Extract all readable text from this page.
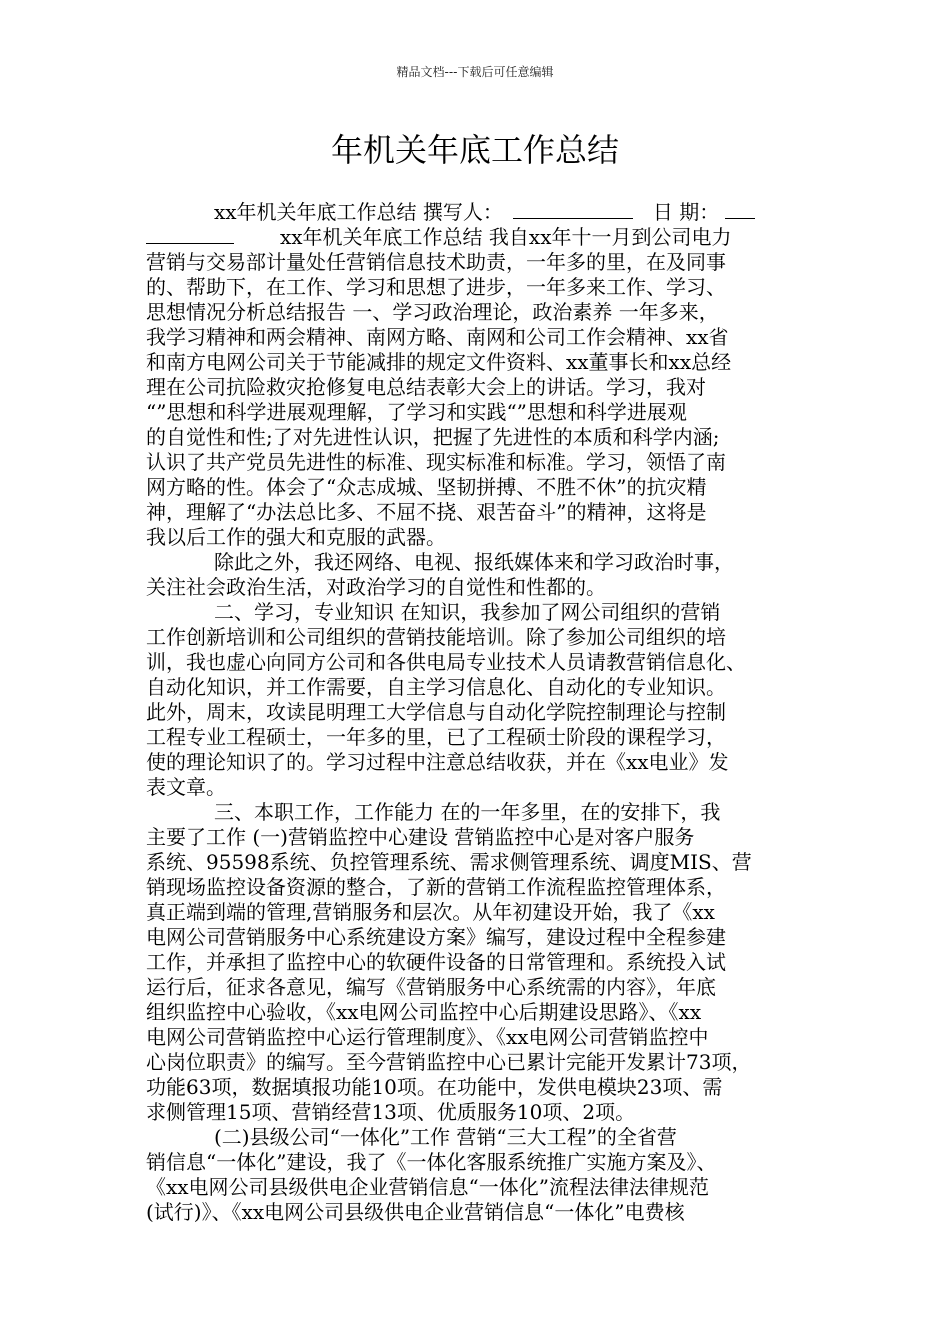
精品文档---下载后可任意编辑
年机关年底工作总结
xx年机关年底工作总结 撰写人：	日 期：
xx年机关年底工作总结 我自xx年十一月到公司电力
营销与交易部计量处任营销信息技术助责，一年多的里，在及同事
的、帮助下，在工作、学习和思想了进步，一年多来工作、学习、
思想情况分析总结报告 一、学习政治理论，政治素养 一年多来，
我学习精神和两会精神、南网方略、南网和公司工作会精神、xx省
和南方电网公司关于节能减排的规定文件资料、xx董事长和xx总经
理在公司抗险救灾抢修复电总结表彰大会上的讲话。学习，我对
“”思想和科学进展观理解，了学习和实践“”思想和科学进展观
的自觉性和性;了对先进性认识，把握了先进性的本质和科学内涵;
认识了共产党员先进性的标准、现实标准和标准。学习，领悟了南
网方略的性。体会了“众志成城、坚韧拼搏、不胜不休”的抗灾精
神，理解了“办法总比多、不屈不挠、艰苦奋斗”的精神，这将是
我以后工作的强大和克服的武器。
除此之外，我还网络、电视、报纸媒体来和学习政治时事，
关注社会政治生活，对政治学习的自觉性和性都的。
二、学习，专业知识 在知识，我参加了网公司组织的营销
工作创新培训和公司组织的营销技能培训。除了参加公司组织的培
训，我也虚心向同方公司和各供电局专业技术人员请教营销信息化、
自动化知识，并工作需要，自主学习信息化、自动化的专业知识。
此外，周末，攻读昆明理工大学信息与自动化学院控制理论与控制
工程专业工程硕士，一年多的里，已了工程硕士阶段的课程学习，
使的理论知识了的。学习过程中注意总结收获，并在《xx电业》发
表文章。
三、本职工作，工作能力 在的一年多里，在的安排下，我
主要了工作 (一)营销监控中心建设 营销监控中心是对客户服务
系统、95598系统、负控管理系统、需求侧管理系统、调度MIS、营
销现场监控设备资源的整合，了新的营销工作流程监控管理体系，
真正端到端的管理,营销服务和层次。从年初建设开始，我了《xx
电网公司营销服务中心系统建设方案》编写，建设过程中全程参建
工作，并承担了监控中心的软硬件设备的日常管理和。系统投入试
运行后，征求各意见，编写《营销服务中心系统需的内容》，年底
组织监控中心验收，《xx电网公司监控中心后期建设思路》、《xx
电网公司营销监控中心运行管理制度》、《xx电网公司营销监控中
心岗位职责》的编写。至今营销监控中心已累计完能开发累计73项，
功能63项，数据填报功能10项。在功能中，发供电模块23项、需
求侧管理15项、营销经营13项、优质服务10项、2项。
(二)县级公司“一体化”工作 营销“三大工程”的全省营
销信息“一体化”建设，我了《一体化客服系统推广实施方案及》、
《xx电网公司县级供电企业营销信息“一体化”流程法律法律规范
(试行)》、《xx电网公司县级供电企业营销信息“一体化”电费核
